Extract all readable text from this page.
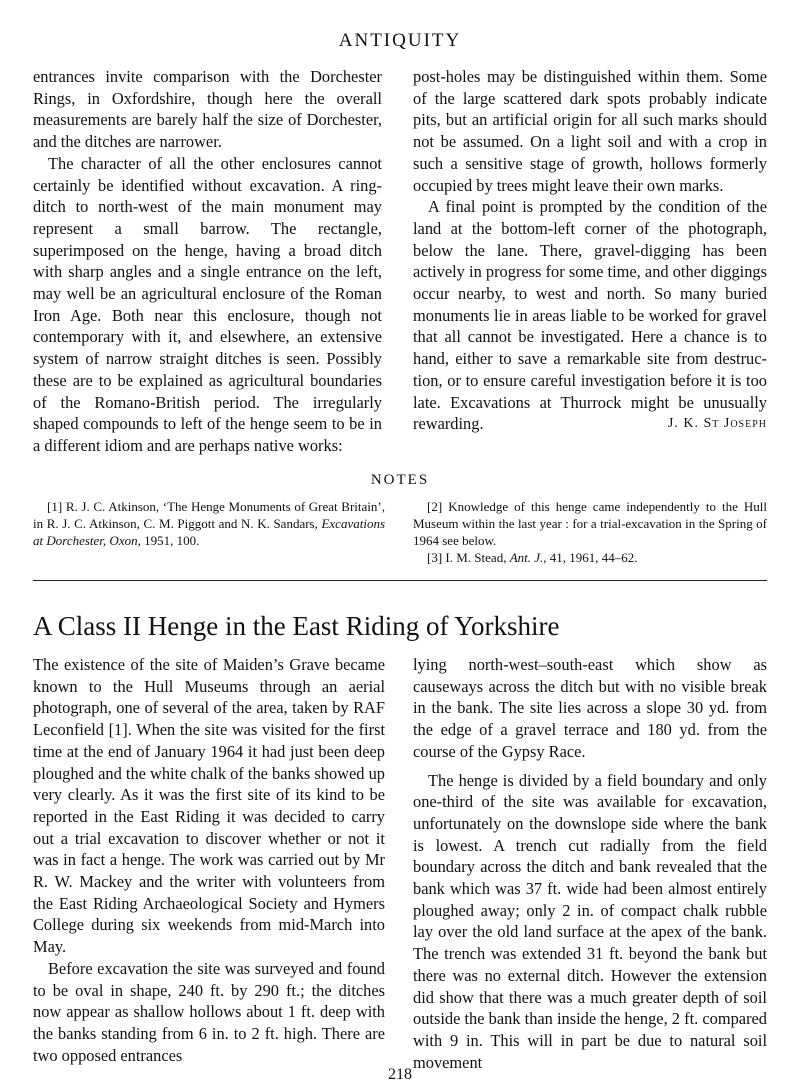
ANTIQUITY

entrances invite comparison with the Dorchester Rings, in Oxfordshire, though here the overall measurements are barely half the size of Dorchester, and the ditches are narrower.

The character of all the other enclosures cannot certainly be identified without excavation. A ring-ditch to north-west of the main monument may represent a small barrow. The rectangle, superimposed on the henge, having a broad ditch with sharp angles and a single entrance on the left, may well be an agricultural enclosure of the Roman Iron Age. Both near this enclosure, though not contemporary with it, and elsewhere, an extensive system of narrow straight ditches is seen. Possibly these are to be explained as agricultural boundaries of the Romano-British period. The irregularly shaped compounds to left of the henge seem to be in a different idiom and are perhaps native works:

post-holes may be distinguished within them. Some of the large scattered dark spots probably indicate pits, but an artificial origin for all such marks should not be assumed. On a light soil and with a crop in such a sensitive stage of growth, hollows formerly occupied by trees might leave their own marks.

A final point is prompted by the condition of the land at the bottom-left corner of the photograph, below the lane. There, gravel-digging has been actively in progress for some time, and other diggings occur nearby, to west and north. So many buried monuments lie in areas liable to be worked for gravel that all cannot be investigated. Here a chance is to hand, either to save a remarkable site from destruction, or to ensure careful investigation before it is too late. Excavations at Thurrock might be unusually rewarding.	J. K. St Joseph

NOTES

[1] R. J. C. Atkinson, ‘The Henge Monuments of Great Britain’, in R. J. C. Atkinson, C. M. Piggott and N. K. Sandars, Excavations at Dorchester, Oxon, 1951, 100.

[2] Knowledge of this henge came independently to the Hull Museum within the last year : for a trial-excavation in the Spring of 1964 see below.

[3] I. M. Stead, Ant. J., 41, 1961, 44–62.

A Class II Henge in the East Riding of Yorkshire

The existence of the site of Maiden’s Grave became known to the Hull Museums through an aerial photograph, one of several of the area, taken by RAF Leconfield [1]. When the site was visited for the first time at the end of January 1964 it had just been deep ploughed and the white chalk of the banks showed up very clearly. As it was the first site of its kind to be reported in the East Riding it was decided to carry out a trial excavation to discover whether or not it was in fact a henge. The work was carried out by Mr R. W. Mackey and the writer with volunteers from the East Riding Archaeological Society and Hymers College during six weekends from mid-March into May.

Before excavation the site was surveyed and found to be oval in shape, 240 ft. by 290 ft.; the ditches now appear as shallow hollows about 1 ft. deep with the banks standing from 6 in. to 2 ft. high. There are two opposed entrances

lying north-west–south-east which show as causeways across the ditch but with no visible break in the bank. The site lies across a slope 30 yd. from the edge of a gravel terrace and 180 yd. from the course of the Gypsy Race.

The henge is divided by a field boundary and only one-third of the site was available for excavation, unfortunately on the downslope side where the bank is lowest. A trench cut radially from the field boundary across the ditch and bank revealed that the bank which was 37 ft. wide had been almost entirely ploughed away; only 2 in. of compact chalk rubble lay over the old land surface at the apex of the bank. The trench was extended 31 ft. beyond the bank but there was no external ditch. However the extension did show that there was a much greater depth of soil outside the bank than inside the henge, 2 ft. compared with 9 in. This will in part be due to natural soil movement

218
